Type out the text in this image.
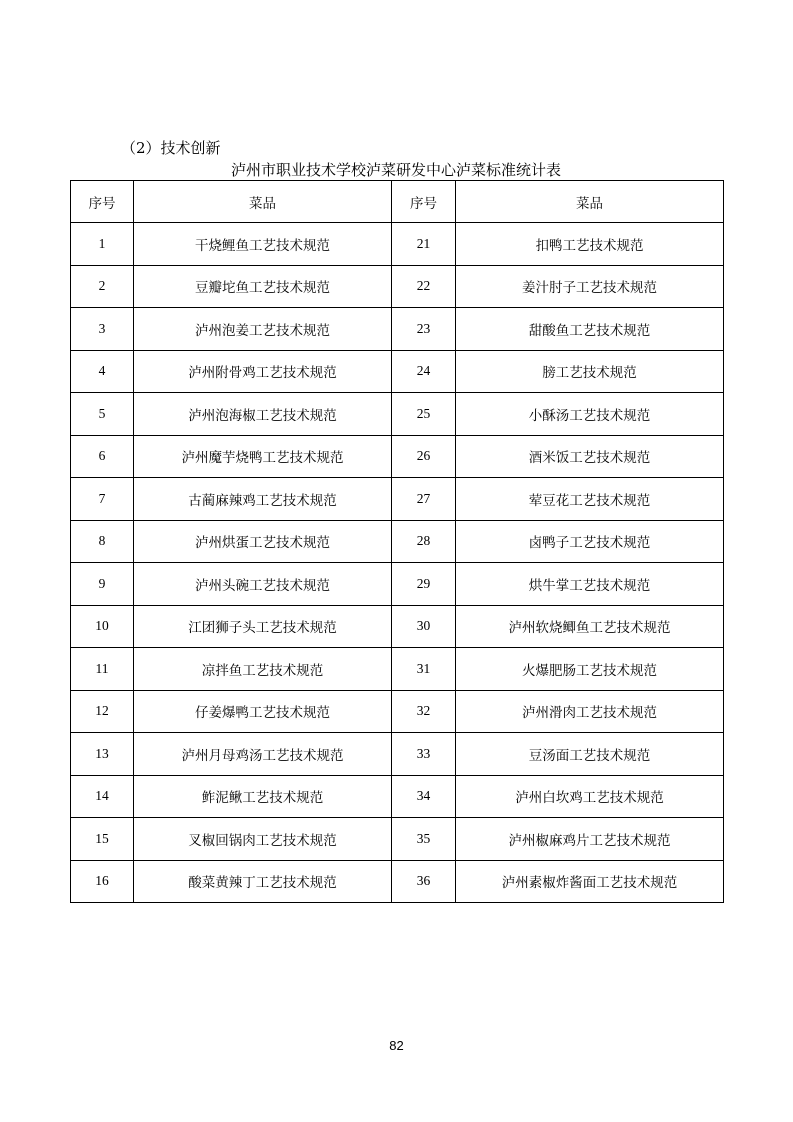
（2）技术创新
泸州市职业技术学校泸菜研发中心泸菜标准统计表
序号	菜品	序号	菜品
1	干烧鲤鱼工艺技术规范	21	扣鸭工艺技术规范
2	豆瓣坨鱼工艺技术规范	22	姜汁肘子工艺技术规范
3	泸州泡姜工艺技术规范	23	甜酸鱼工艺技术规范
4	泸州附骨鸡工艺技术规范	24	膀工艺技术规范
5	泸州泡海椒工艺技术规范	25	小酥汤工艺技术规范
6	泸州魔芋烧鸭工艺技术规范	26	酒米饭工艺技术规范
7	古蔺麻辣鸡工艺技术规范	27	荤豆花工艺技术规范
8	泸州烘蛋工艺技术规范	28	卤鸭子工艺技术规范
9	泸州头碗工艺技术规范	29	烘牛掌工艺技术规范
10	江团狮子头工艺技术规范	30	泸州软烧鲫鱼工艺技术规范
11	凉拌鱼工艺技术规范	31	火爆肥肠工艺技术规范
12	仔姜爆鸭工艺技术规范	32	泸州滑肉工艺技术规范
13	泸州月母鸡汤工艺技术规范	33	豆汤面工艺技术规范
14	鲊泥鳅工艺技术规范	34	泸州白坎鸡工艺技术规范
15	叉椒回锅肉工艺技术规范	35	泸州椒麻鸡片工艺技术规范
16	酸菜黄辣丁工艺技术规范	36	泸州素椒炸酱面工艺技术规范
82
